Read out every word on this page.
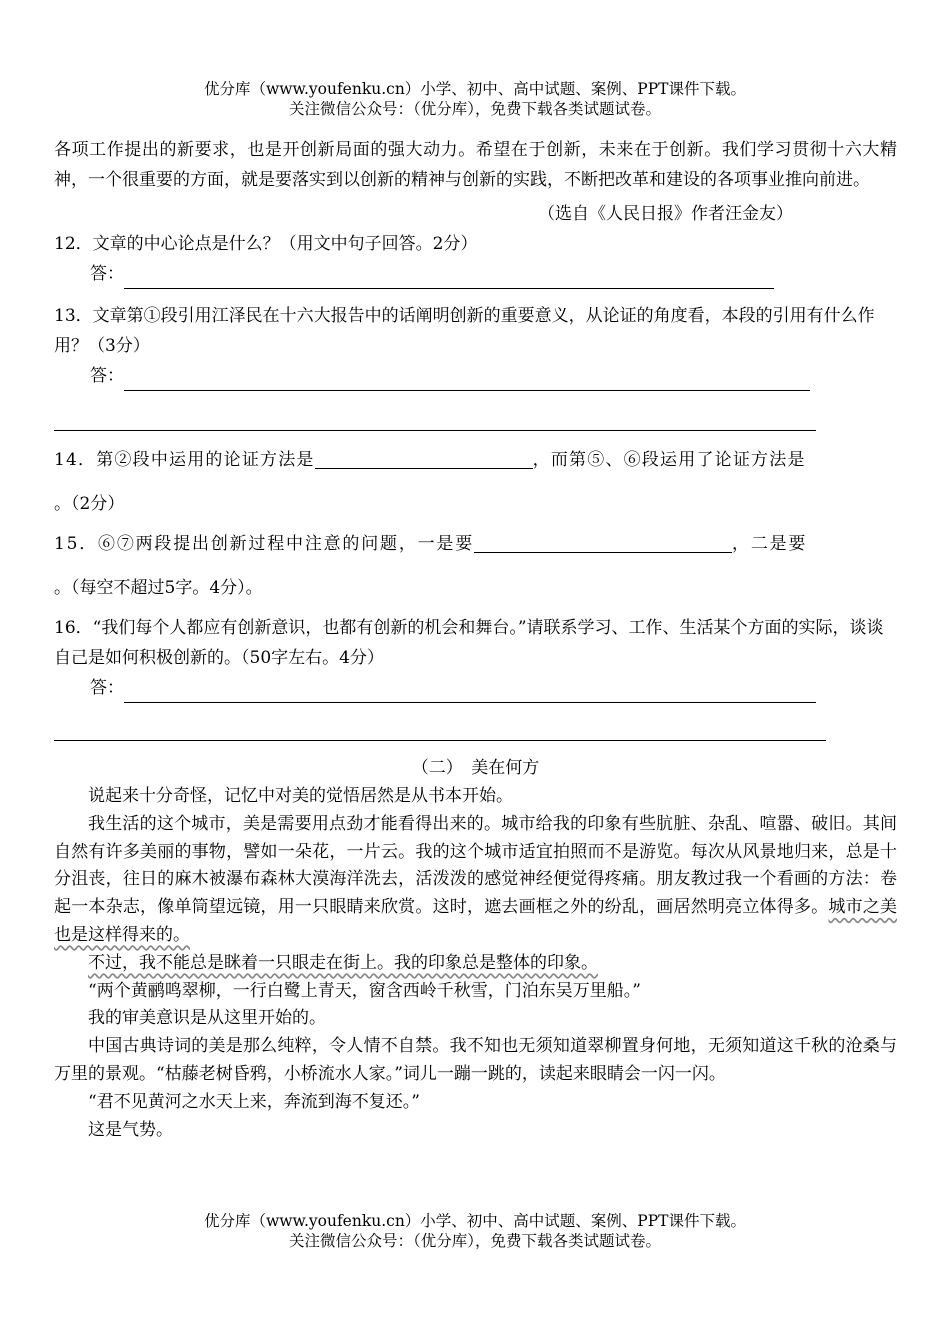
优分库（www.youfenku.cn）小学、初中、高中试题、案例、PPT课件下载。
关注微信公众号：（优分库），免费下载各类试题试卷。

各项工作提出的新要求，也是开创新局面的强大动力。希望在于创新，未来在于创新。我们学习贯彻十六大精神，一个很重要的方面，就是要落实到以创新的精神与创新的实践，不断把改革和建设的各项事业推向前进。

（选自《人民日报》作者汪金友）

12．文章的中心论点是什么？（用文中句子回答。2分）

答：

13．文章第①段引用江泽民在十六大报告中的话阐明创新的重要意义，从论证的角度看，本段的引用有什么作用？（3分）

答：

14．第②段中运用的论证方法是	，而第⑤、⑥段运用了论证方法是

。（2分）

15．⑥⑦两段提出创新过程中注意的问题，一是要	，二是要

。（每空不超过5字。4分）。

16．“我们每个人都应有创新意识，也都有创新的机会和舞台。”请联系学习、工作、生活某个方面的实际，谈谈自己是如何积极创新的。（50字左右。4分）

答：
（二）　美在何方

说起来十分奇怪，记忆中对美的觉悟居然是从书本开始。

我生活的这个城市，美是需要用点劲才能看得出来的。城市给我的印象有些肮脏、杂乱、喧嚣、破旧。其间自然有许多美丽的事物，譬如一朵花，一片云。我的这个城市适宜拍照而不是游览。每次从风景地归来，总是十分沮丧，往日的麻木被瀑布森林大漠海洋洗去，活泼泼的感觉神经便觉得疼痛。朋友教过我一个看画的方法：卷起一本杂志，像单筒望远镜，用一只眼睛来欣赏。这时，遮去画框之外的纷乱，画居然明亮立体得多。城市之美也是这样得来的。

不过，我不能总是眯着一只眼走在街上。我的印象总是整体的印象。

“两个黄鹂鸣翠柳，一行白鹭上青天，窗含西岭千秋雪，门泊东吴万里船。”

我的审美意识是从这里开始的。

中国古典诗词的美是那么纯粹，令人情不自禁。我不知也无须知道翠柳置身何地，无须知道这千秋的沧桑与万里的景观。“枯藤老树昏鸦，小桥流水人家。”词儿一蹦一跳的，读起来眼睛会一闪一闪。

“君不见黄河之水天上来，奔流到海不复还。”

这是气势。

优分库（www.youfenku.cn）小学、初中、高中试题、案例、PPT课件下载。
关注微信公众号：（优分库），免费下载各类试题试卷。
